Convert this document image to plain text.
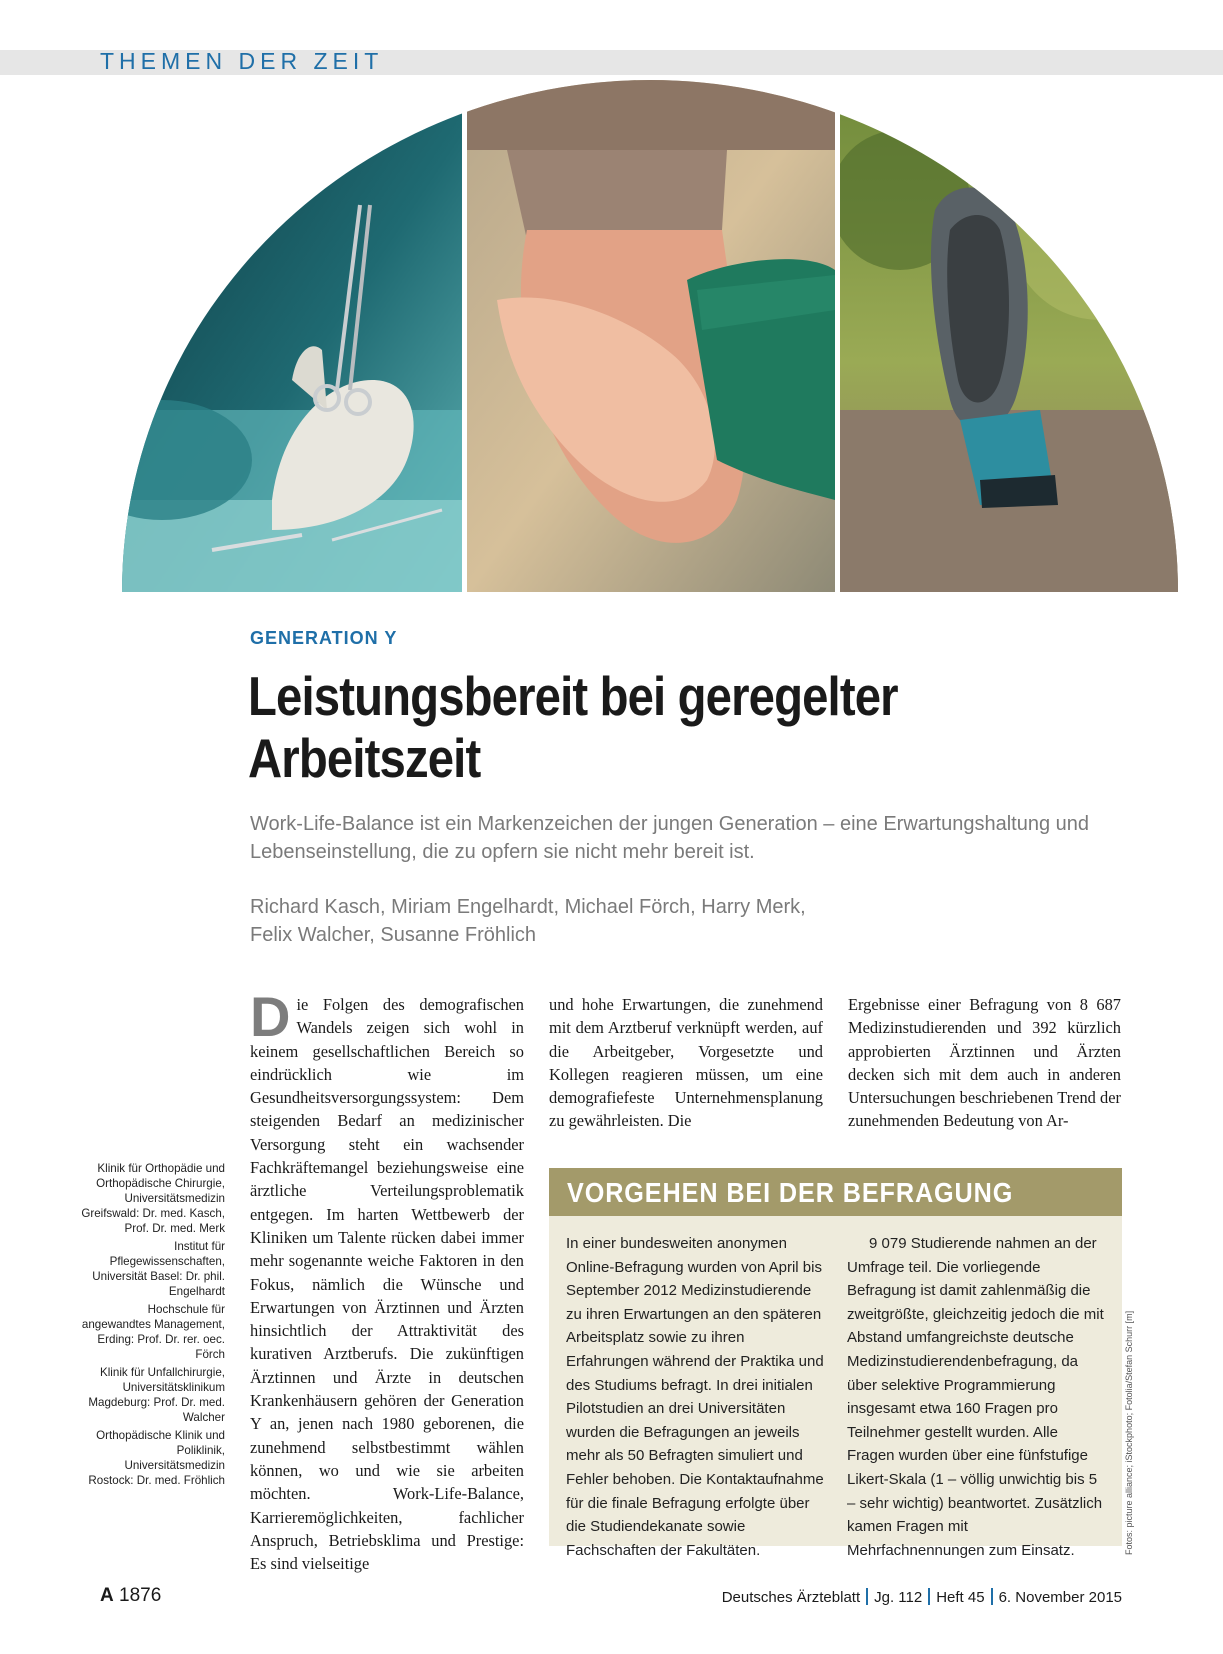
THEMEN DER ZEIT
GENERATION Y
Leistungsbereit bei geregelter
Arbeitszeit
Work-Life-Balance ist ein Markenzeichen der jungen Generation – eine Erwartungshaltung und Lebenseinstellung, die zu opfern sie nicht mehr bereit ist.
Richard Kasch, Miriam Engelhardt, Michael Förch, Harry Merk,
Felix Walcher, Susanne Fröhlich
Die Folgen des demografischen Wandels zeigen sich wohl in keinem gesellschaftlichen Bereich so eindrücklich wie im Gesundheitsversorgungssystem: Dem steigenden Bedarf an medizinischer Versorgung steht ein wachsender Fachkräftemangel beziehungsweise eine ärztliche Verteilungsproblematik entgegen. Im harten Wettbewerb der Kliniken um Talente rücken dabei immer mehr sogenannte weiche Faktoren in den Fokus, nämlich die Wünsche und Erwartungen von Ärztinnen und Ärzten hinsichtlich der Attraktivität des kurativen Arztberufs. Die zukünftigen Ärztinnen und Ärzte in deutschen Krankenhäusern gehören der Generation Y an, jenen nach 1980 geborenen, die zunehmend selbstbestimmt wählen können, wo und wie sie arbeiten möchten. Work-Life-Balance, Karrieremöglichkeiten, fachlicher Anspruch, Betriebsklima und Prestige: Es sind vielseitige
und hohe Erwartungen, die zunehmend mit dem Arztberuf verknüpft werden, auf die Arbeitgeber, Vorgesetzte und Kollegen reagieren müssen, um eine demografiefeste Unternehmensplanung zu gewährleisten. Die
Ergebnisse einer Befragung von 8 687 Medizinstudierenden und 392 kürzlich approbierten Ärztinnen und Ärzten decken sich mit dem auch in anderen Untersuchungen beschriebenen Trend der zunehmenden Bedeutung von Ar-
Klinik für Orthopädie und Orthopädische Chirurgie, Universitätsmedizin Greifswald: Dr. med. Kasch, Prof. Dr. med. Merk
Institut für Pflegewissenschaften, Universität Basel: Dr. phil. Engelhardt
Hochschule für angewandtes Management, Erding: Prof. Dr. rer. oec. Förch
Klinik für Unfallchirurgie, Universitätsklinikum Magdeburg: Prof. Dr. med. Walcher
Orthopädische Klinik und Poliklinik, Universitätsmedizin Rostock: Dr. med. Fröhlich
VORGEHEN BEI DER BEFRAGUNG
In einer bundesweiten anonymen Online-Befragung wurden von April bis September 2012 Medizinstudierende zu ihren Erwartungen an den späteren Arbeitsplatz sowie zu ihren Erfahrungen während der Praktika und des Studiums befragt. In drei initialen Pilotstudien an drei Universitäten wurden die Befragungen an jeweils mehr als 50 Befragten simuliert und Fehler behoben. Die Kontaktaufnahme für die finale Befragung erfolgte über die Studiendekanate sowie Fachschaften der Fakultäten.
9 079 Studierende nahmen an der Umfrage teil. Die vorliegende Befragung ist damit zahlenmäßig die zweitgrößte, gleichzeitig jedoch die mit Abstand umfangreichste deutsche Medizinstudierendenbefragung, da über selektive Programmierung insgesamt etwa 160 Fragen pro Teilnehmer gestellt wurden. Alle Fragen wurden über eine fünfstufige Likert-Skala (1 – völlig unwichtig bis 5 – sehr wichtig) beantwortet. Zusätzlich kamen Fragen mit Mehrfachnennungen zum Einsatz.	Fotos: picture alliance; iStockphoto; Fotolia/Stefan Schurr [m]
A 1876	Deutsches Ärzteblatt Jg. 112 Heft 45 6. November 2015
